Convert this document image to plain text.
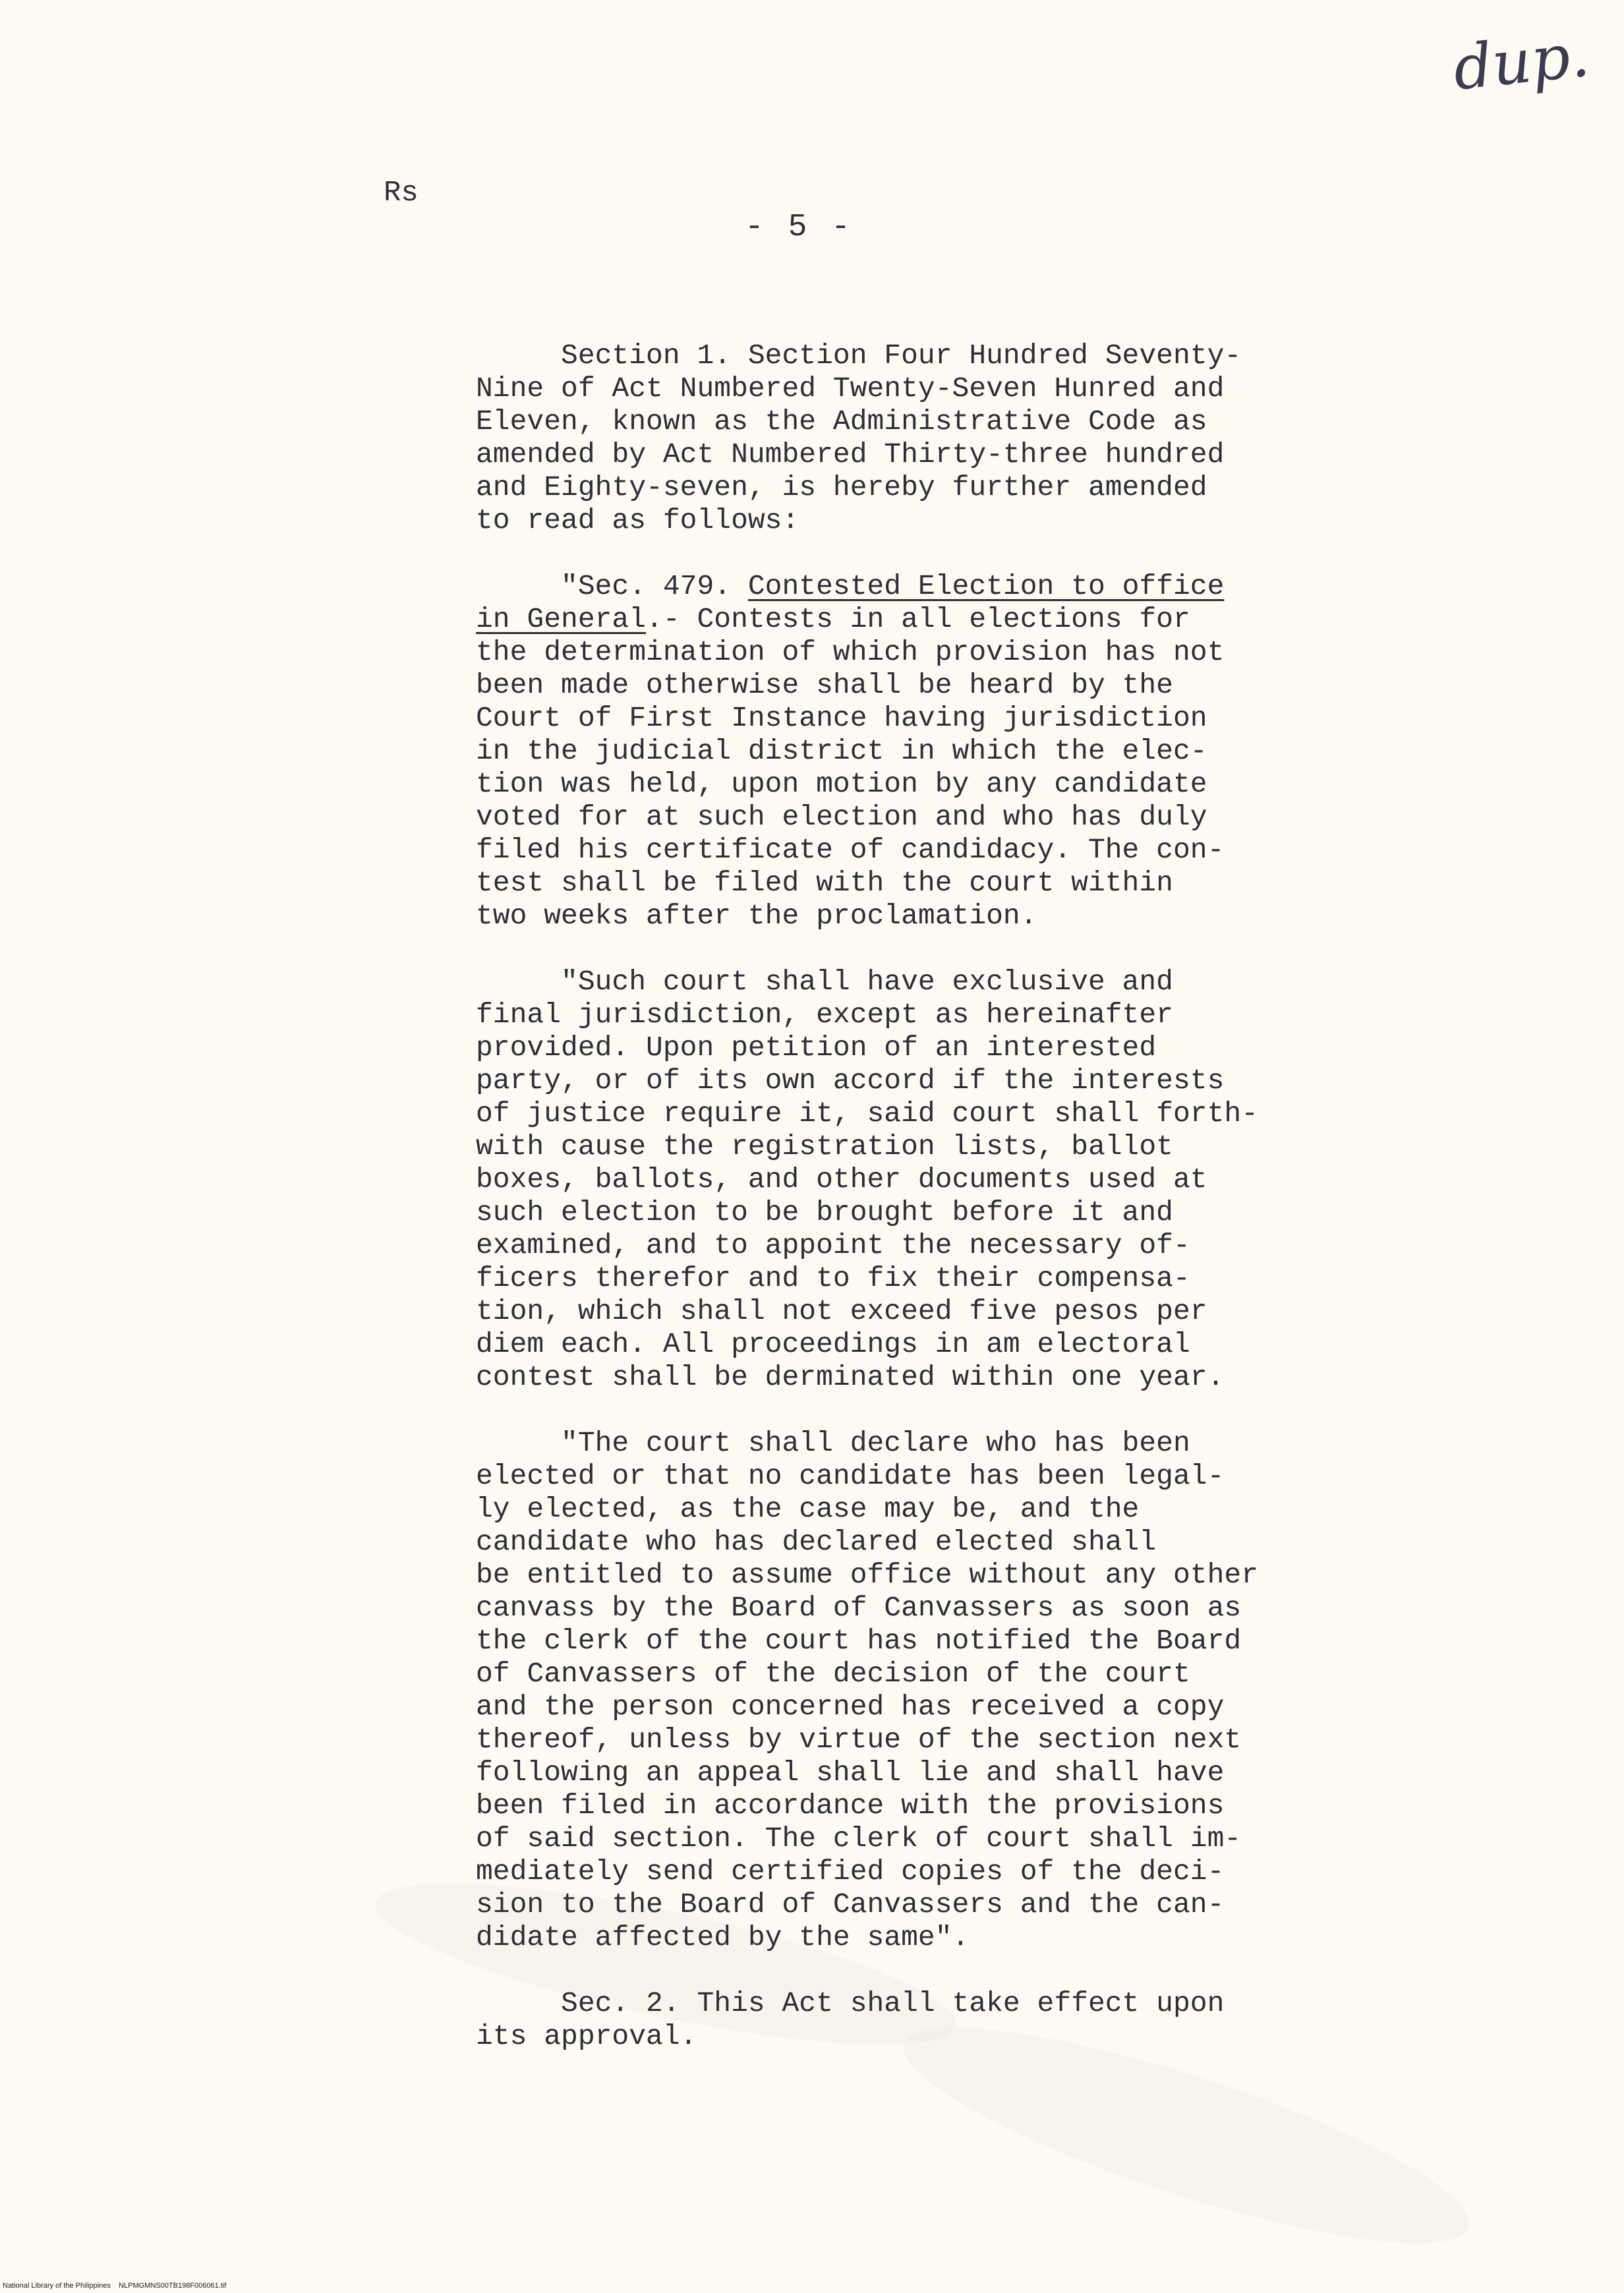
dup.
Rs
- 5 -
Section 1. Section Four Hundred Seventy-
Nine of Act Numbered Twenty-Seven Hunred and
Eleven, known as the Administrative Code as
amended by Act Numbered Thirty-three hundred
and Eighty-seven, is hereby further amended
to read as follows:
"Sec. 479. Contested Election to office
in General.- Contests in all elections for
the determination of which provision has not
been made otherwise shall be heard by the
Court of First Instance having jurisdiction
in the judicial district in which the elec-
tion was held, upon motion by any candidate
voted for at such election and who has duly
filed his certificate of candidacy. The con-
test shall be filed with the court within
two weeks after the proclamation.
"Such court shall have exclusive and
final jurisdiction, except as hereinafter
provided. Upon petition of an interested
party, or of its own accord if the interests
of justice require it, said court shall forth-
with cause the registration lists, ballot
boxes, ballots, and other documents used at
such election to be brought before it and
examined, and to appoint the necessary of-
ficers therefor and to fix their compensa-
tion, which shall not exceed five pesos per
diem each. All proceedings in am electoral
contest shall be derminated within one year.
"The court shall declare who has been
elected or that no candidate has been legal-
ly elected, as the case may be, and the
candidate who has declared elected shall
be entitled to assume office without any other
canvass by the Board of Canvassers as soon as
the clerk of the court has notified the Board
of Canvassers of the decision of the court
and the person concerned has received a copy
thereof, unless by virtue of the section next
following an appeal shall lie and shall have
been filed in accordance with the provisions
of said section. The clerk of court shall im-
mediately send certified copies of the deci-
sion to the Board of Canvassers and the can-
didate affected by the same".
Sec. 2. This Act shall take effect upon
its approval.
National Library of the Philippines    NLPMGMNS00TB198F006061.tif
